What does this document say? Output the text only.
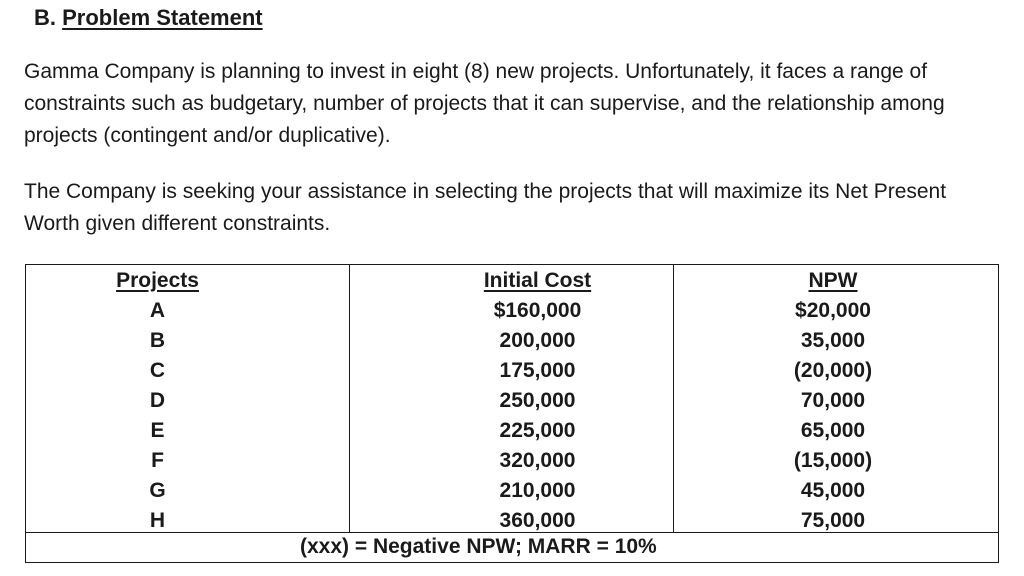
B. Problem Statement

Gamma Company is planning to invest in eight (8) new projects. Unfortunately, it faces a range of constraints such as budgetary, number of projects that it can supervise, and the relationship among projects (contingent and/or duplicative).

The Company is seeking your assistance in selecting the projects that will maximize its Net Present Worth given different constraints.

Projects
A
B
C
D
E
F
G
H
Initial Cost
$160,000
200,000
175,000
250,000
225,000
320,000
210,000
360,000
NPW
$20,000
35,000
(20,000)
70,000
65,000
(15,000)
45,000
75,000
(xxx) = Negative NPW; MARR = 10%
